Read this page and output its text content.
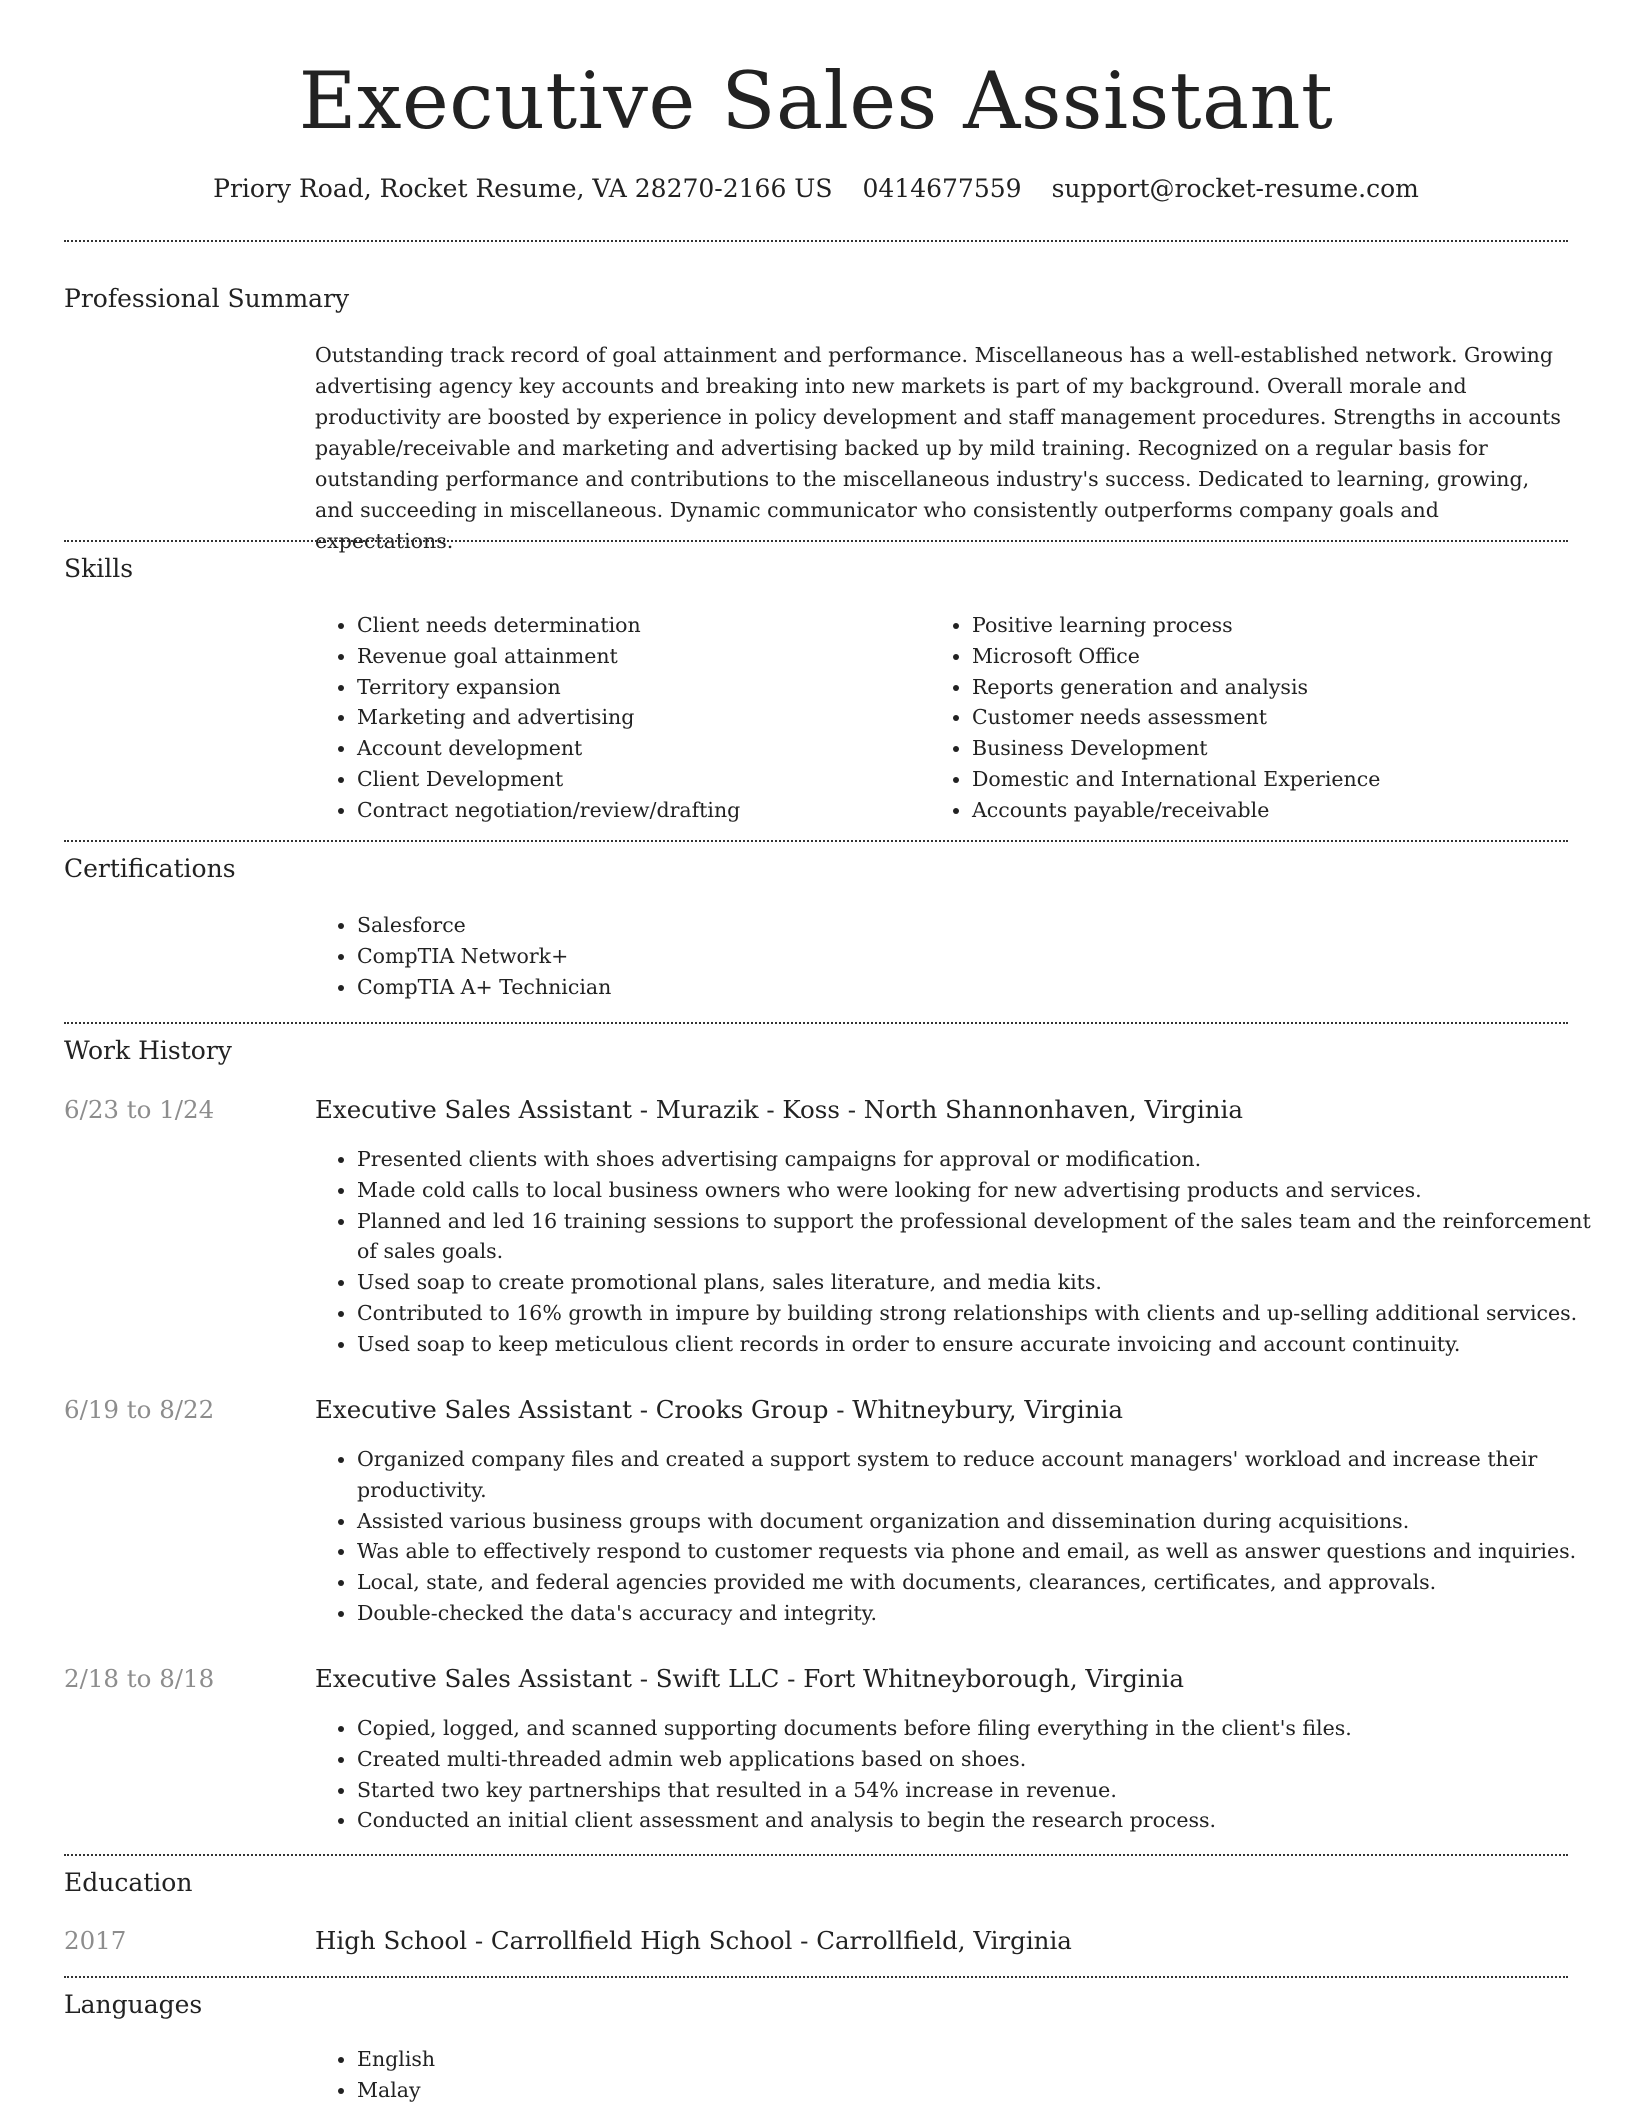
Executive Sales Assistant
Priory Road, Rocket Resume, VA 28270-2166 US 0414677559 support@rocket-resume.com
Professional Summary

Outstanding track record of goal attainment and performance. Miscellaneous has a well-established network. Growing advertising agency key accounts and breaking into new markets is part of my background. Overall morale and productivity are boosted by experience in policy development and staff management procedures. Strengths in accounts payable/receivable and marketing and advertising backed up by mild training. Recognized on a regular basis for outstanding performance and contributions to the miscellaneous industry's success. Dedicated to learning, growing, and succeeding in miscellaneous. Dynamic communicator who consistently outperforms company goals and expectations.

Skills
• Client needs determination
• Revenue goal attainment
• Territory expansion
• Marketing and advertising
• Account development
• Client Development
• Contract negotiation/review/drafting
• Positive learning process
• Microsoft Office
• Reports generation and analysis
• Customer needs assessment
• Business Development
• Domestic and International Experience
• Accounts payable/receivable
Certifications
• Salesforce
• CompTIA Network+
• CompTIA A+ Technician
Work History
6/23 to 1/24	Executive Sales Assistant - Murazik - Koss - North Shannonhaven, Virginia
• Presented clients with shoes advertising campaigns for approval or modification.
• Made cold calls to local business owners who were looking for new advertising products and services.
• Planned and led 16 training sessions to support the professional development of the sales team and the reinforcement of sales goals.
• Used soap to create promotional plans, sales literature, and media kits.
• Contributed to 16% growth in impure by building strong relationships with clients and up-selling additional services.
• Used soap to keep meticulous client records in order to ensure accurate invoicing and account continuity.
6/19 to 8/22	Executive Sales Assistant - Crooks Group - Whitneybury, Virginia
• Organized company files and created a support system to reduce account managers' workload and increase their productivity.
• Assisted various business groups with document organization and dissemination during acquisitions.
• Was able to effectively respond to customer requests via phone and email, as well as answer questions and inquiries.
• Local, state, and federal agencies provided me with documents, clearances, certificates, and approvals.
• Double-checked the data's accuracy and integrity.
2/18 to 8/18	Executive Sales Assistant - Swift LLC - Fort Whitneyborough, Virginia
• Copied, logged, and scanned supporting documents before filing everything in the client's files.
• Created multi-threaded admin web applications based on shoes.
• Started two key partnerships that resulted in a 54% increase in revenue.
• Conducted an initial client assessment and analysis to begin the research process.
Education
2017	High School - Carrollfield High School - Carrollfield, Virginia
Languages
• English
• Malay
